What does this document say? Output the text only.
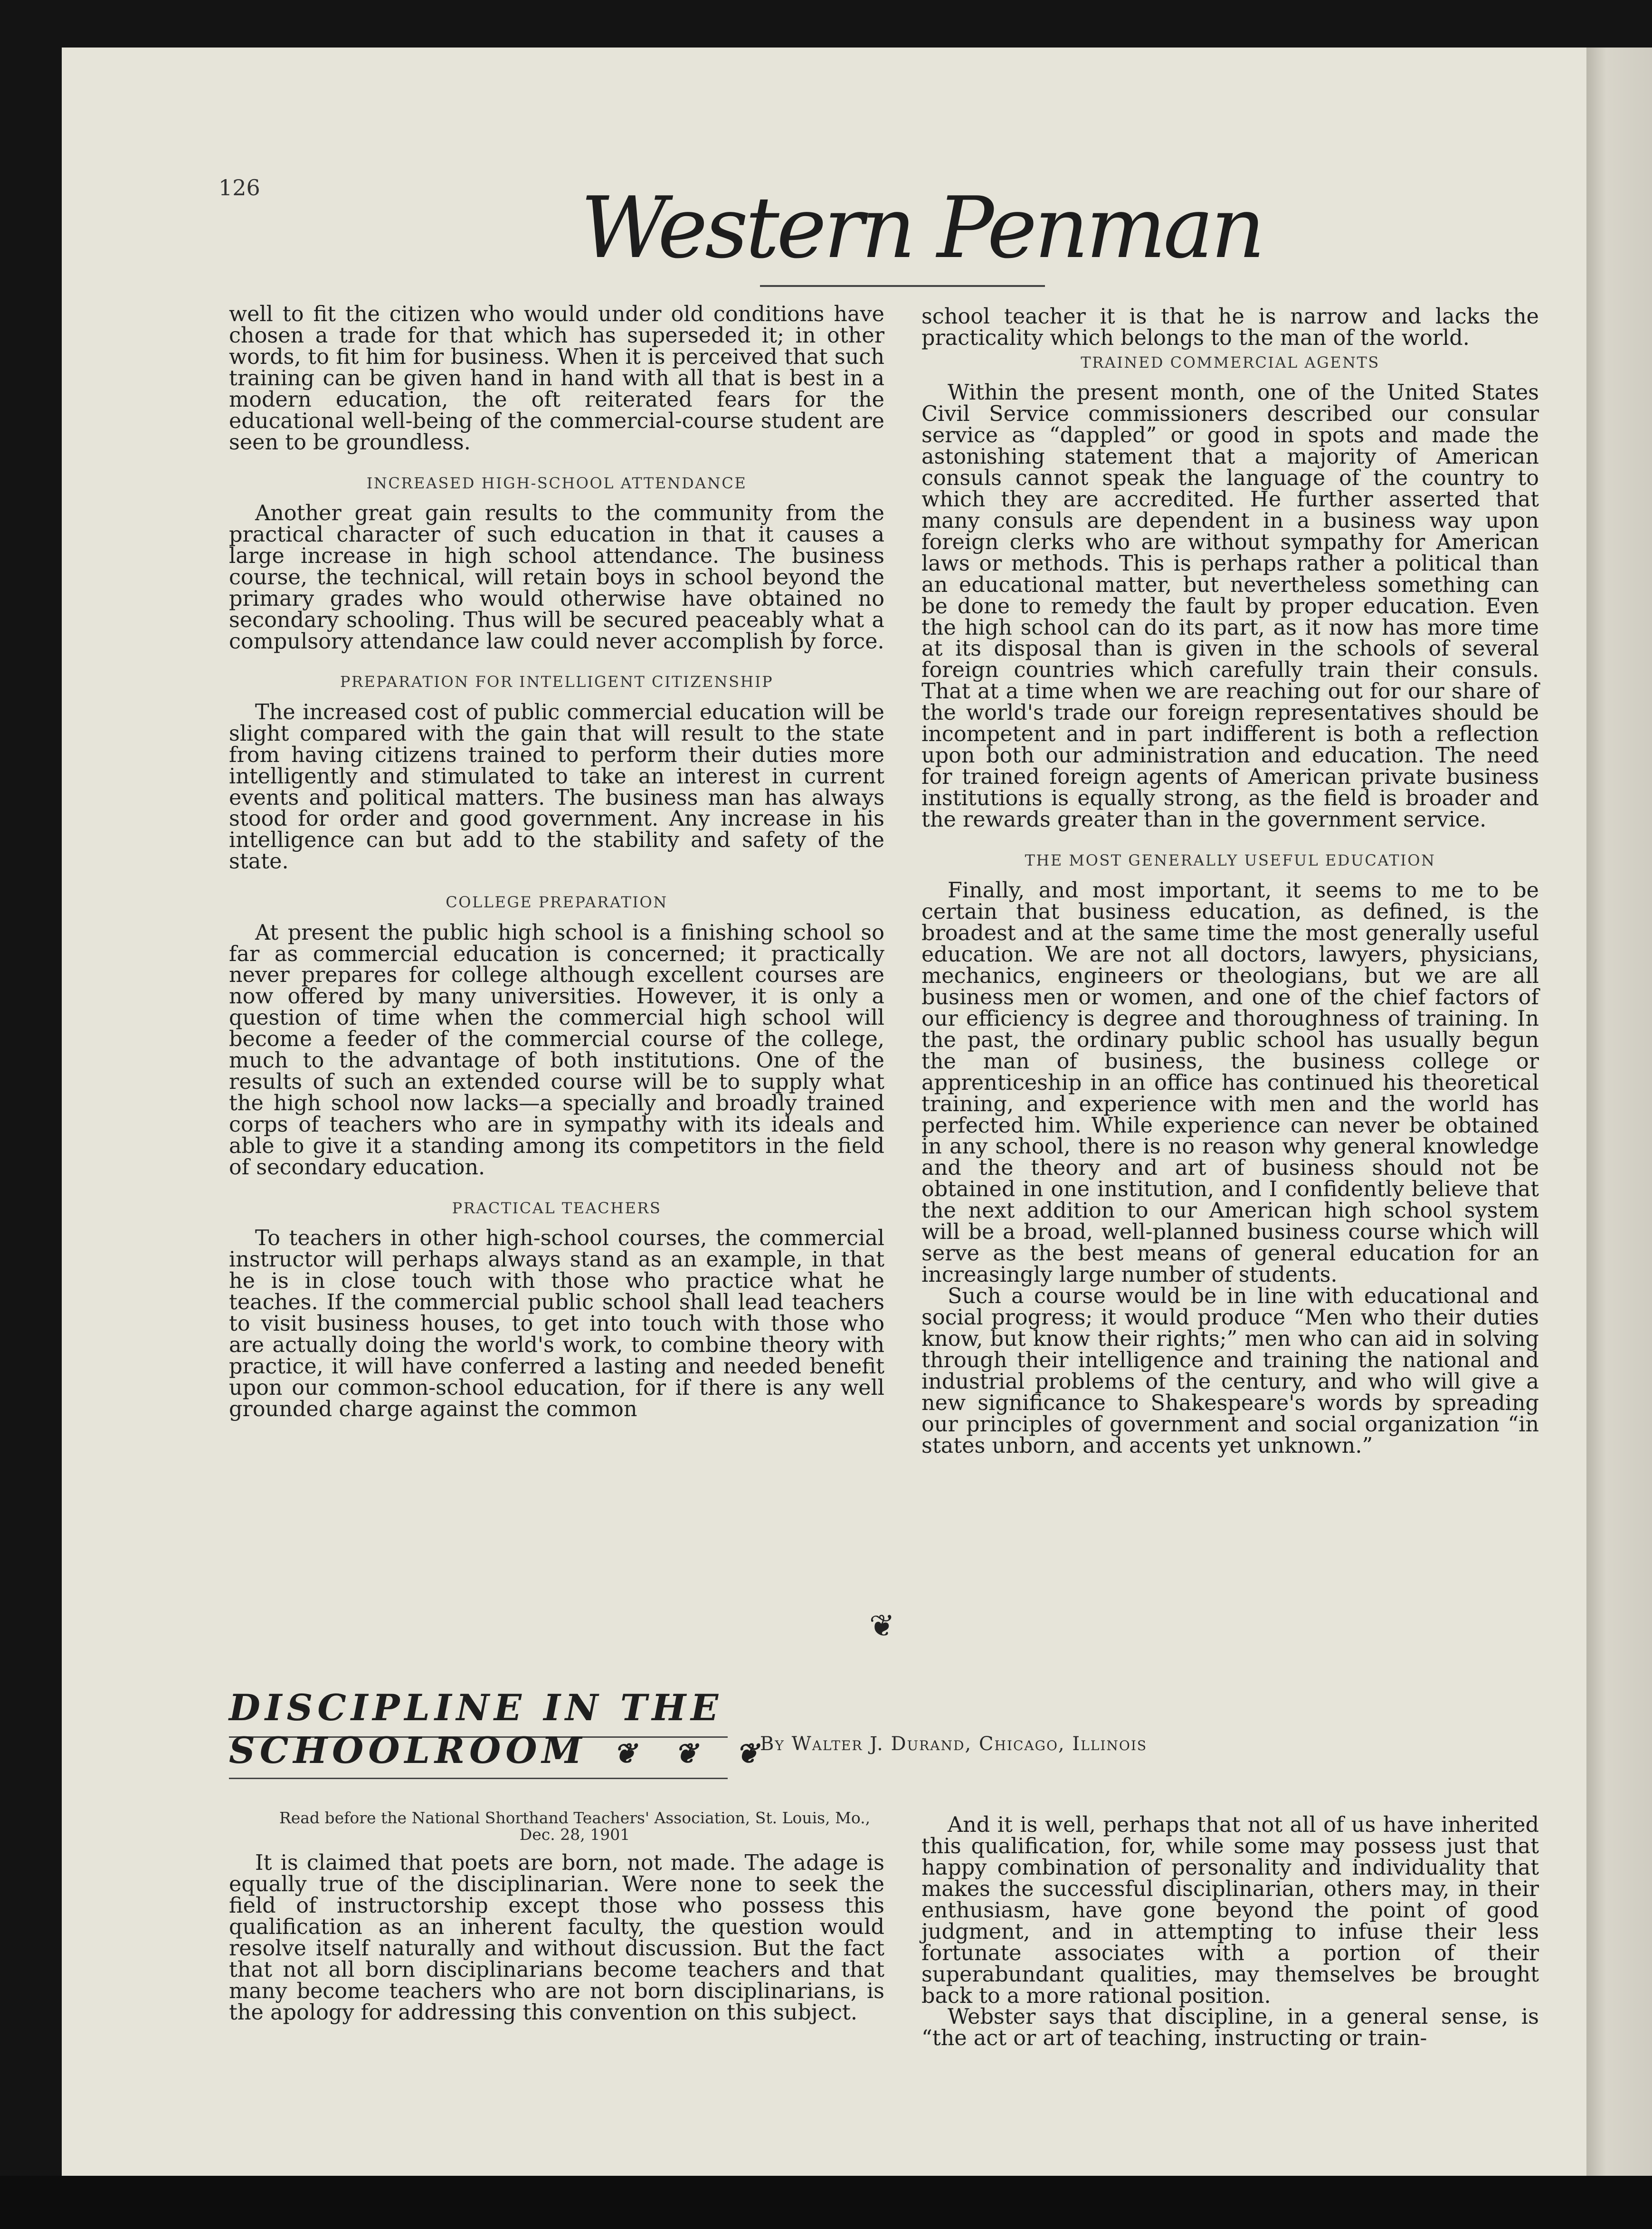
126	Western Penman

well to fit the citizen who would under old conditions have chosen a trade for that which has superseded it; in other words, to fit him for business. When it is perceived that such training can be given hand in hand with all that is best in a modern education, the oft reiterated fears for the educational well-being of the commercial-course student are seen to be groundless.

INCREASED HIGH-SCHOOL ATTENDANCE

Another great gain results to the community from the practical character of such education in that it causes a large increase in high school attendance. The business course, the technical, will retain boys in school beyond the primary grades who would otherwise have obtained no secondary schooling. Thus will be secured peaceably what a compulsory attendance law could never accomplish by force.

PREPARATION FOR INTELLIGENT CITIZENSHIP

The increased cost of public commercial education will be slight compared with the gain that will result to the state from having citizens trained to perform their duties more intelligently and stimulated to take an interest in current events and political matters. The business man has always stood for order and good government. Any increase in his intelligence can but add to the stability and safety of the state.

COLLEGE PREPARATION

At present the public high school is a finishing school so far as commercial education is concerned; it practically never prepares for college although excellent courses are now offered by many universities. However, it is only a question of time when the commercial high school will become a feeder of the commercial course of the college, much to the advantage of both institutions. One of the results of such an extended course will be to supply what the high school now lacks—a specially and broadly trained corps of teachers who are in sympathy with its ideals and able to give it a standing among its competitors in the field of secondary education.

PRACTICAL TEACHERS

To teachers in other high-school courses, the commercial instructor will perhaps always stand as an example, in that he is in close touch with those who practice what he teaches. If the commercial public school shall lead teachers to visit business houses, to get into touch with those who are actually doing the world's work, to combine theory with practice, it will have conferred a lasting and needed benefit upon our common-school education, for if there is any well grounded charge against the common

school teacher it is that he is narrow and lacks the practicality which belongs to the man of the world.

TRAINED COMMERCIAL AGENTS

Within the present month, one of the United States Civil Service commissioners described our consular service as “dappled” or good in spots and made the astonishing statement that a majority of American consuls cannot speak the language of the country to which they are accredited. He further asserted that many consuls are dependent in a business way upon foreign clerks who are without sympathy for American laws or methods. This is perhaps rather a political than an educational matter, but nevertheless something can be done to remedy the fault by proper education. Even the high school can do its part, as it now has more time at its disposal than is given in the schools of several foreign countries which carefully train their consuls. That at a time when we are reaching out for our share of the world's trade our foreign representatives should be incompetent and in part indifferent is both a reflection upon both our administration and education. The need for trained foreign agents of American private business institutions is equally strong, as the field is broader and the rewards greater than in the government service.

THE MOST GENERALLY USEFUL EDUCATION

Finally, and most important, it seems to me to be certain that business education, as defined, is the broadest and at the same time the most generally useful education. We are not all doctors, lawyers, physicians, mechanics, engineers or theologians, but we are all business men or women, and one of the chief factors of our efficiency is degree and thoroughness of training. In the past, the ordinary public school has usually begun the man of business, the business college or apprenticeship in an office has continued his theoretical training, and experience with men and the world has perfected him. While experience can never be obtained in any school, there is no reason why general knowledge and the theory and art of business should not be obtained in one institution, and I confidently believe that the next addition to our American high school system will be a broad, well-planned business course which will serve as the best means of general education for an increasingly large number of students.

Such a course would be in line with educational and social progress; it would produce “Men who their duties know, but know their rights;” men who can aid in solving through their intelligence and training the national and industrial problems of the century, and who will give a new significance to Shakespeare's words by spreading our principles of government and social organization “in states unborn, and accents yet unknown.”

❦
DISCIPLINE IN THE
SCHOOLROOM ❦ ❦ ❦
By Walter J. Durand, Chicago, Illinois
Read before the National Shorthand Teachers' Association, St. Louis, Mo., Dec. 28, 1901

It is claimed that poets are born, not made. The adage is equally true of the disciplinarian. Were none to seek the field of instructorship except those who possess this qualification as an inherent faculty, the question would resolve itself naturally and without discussion. But the fact that not all born disciplinarians become teachers and that many become teachers who are not born disciplinarians, is the apology for addressing this convention on this subject.

And it is well, perhaps that not all of us have inherited this qualification, for, while some may possess just that happy combination of personality and individuality that makes the successful disciplinarian, others may, in their enthusiasm, have gone beyond the point of good judgment, and in attempting to infuse their less fortunate associates with a portion of their superabundant qualities, may themselves be brought back to a more rational position.

Webster says that discipline, in a general sense, is “the act or art of teaching, instructing or train-
